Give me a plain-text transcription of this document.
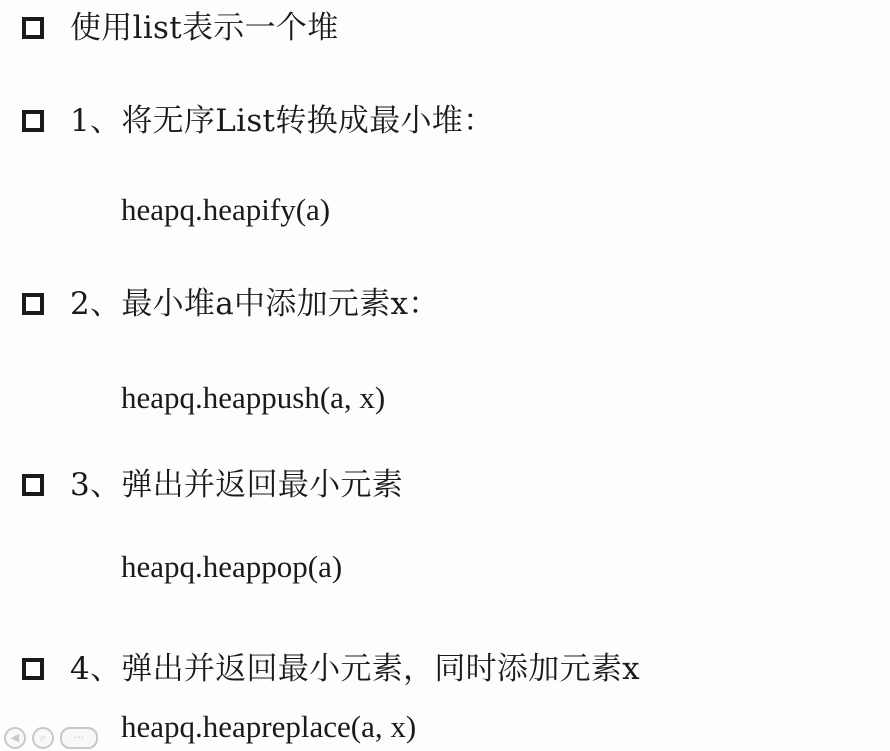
使用list表示一个堆
1、将无序List转换成最小堆：
heapq.heapify(a)
2、最小堆a中添加元素x：
heapq.heappush(a, x)
3、弹出并返回最小元素
heapq.heappop(a)
4、弹出并返回最小元素，同时添加元素x
heapq.heapreplace(a, x)
◀	⌕	···
